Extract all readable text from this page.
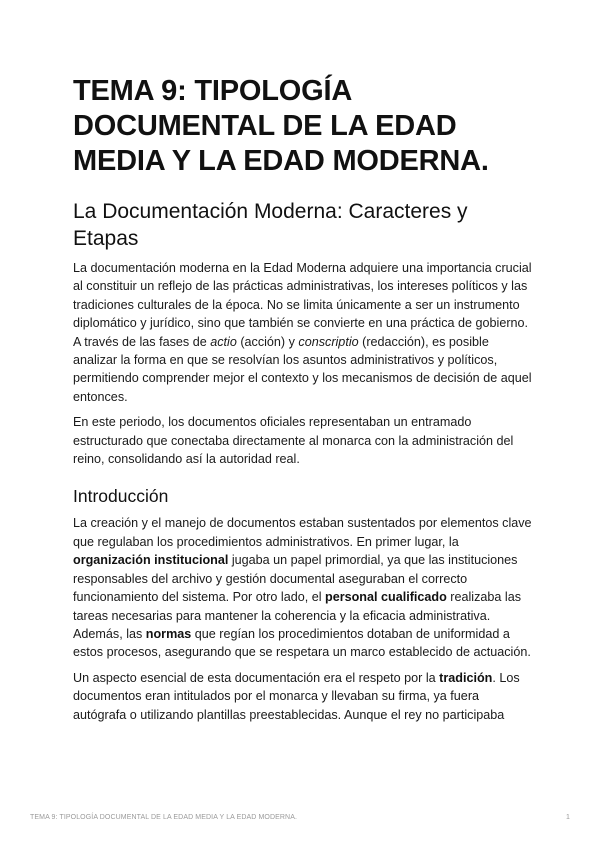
TEMA 9: TIPOLOGÍA DOCUMENTAL DE LA EDAD MEDIA Y LA EDAD MODERNA.
La Documentación Moderna: Caracteres y Etapas

La documentación moderna en la Edad Moderna adquiere una importancia crucial al constituir un reflejo de las prácticas administrativas, los intereses políticos y las tradiciones culturales de la época. No se limita únicamente a ser un instrumento diplomático y jurídico, sino que también se convierte en una práctica de gobierno. A través de las fases de actio (acción) y conscriptio (redacción), es posible analizar la forma en que se resolvían los asuntos administrativos y políticos, permitiendo comprender mejor el contexto y los mecanismos de decisión de aquel entonces.

En este periodo, los documentos oficiales representaban un entramado estructurado que conectaba directamente al monarca con la administración del reino, consolidando así la autoridad real.

Introducción

La creación y el manejo de documentos estaban sustentados por elementos clave que regulaban los procedimientos administrativos. En primer lugar, la organización institucional jugaba un papel primordial, ya que las instituciones responsables del archivo y gestión documental aseguraban el correcto funcionamiento del sistema. Por otro lado, el personal cualificado realizaba las tareas necesarias para mantener la coherencia y la eficacia administrativa. Además, las normas que regían los procedimientos dotaban de uniformidad a estos procesos, asegurando que se respetara un marco establecido de actuación.

Un aspecto esencial de esta documentación era el respeto por la tradición. Los documentos eran intitulados por el monarca y llevaban su firma, ya fuera autógrafa o utilizando plantillas preestablecidas. Aunque el rey no participaba

TEMA 9: TIPOLOGÍA DOCUMENTAL DE LA EDAD MEDIA Y LA EDAD MODERNA.	1
